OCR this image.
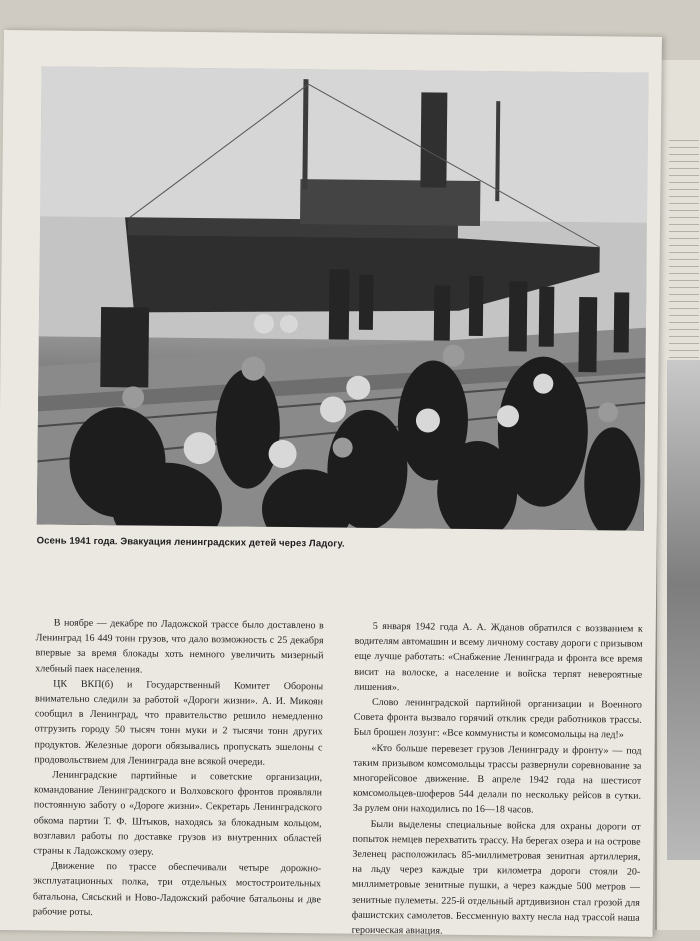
Осень 1941 года. Эвакуация ленинградских детей через Ладогу.

В ноябре — декабре по Ладожской трассе было доставлено в Ленинград 16 449 тонн грузов, что дало возможность с 25 декабря впервые за время блокады хоть немного увеличить мизерный хлебный паек населения.

ЦК ВКП(б) и Государственный Комитет Обороны внимательно следили за работой «Дороги жизни». А. И. Микоян сообщил в Ленинград, что правительство решило немедленно отгрузить городу 50 тысяч тонн муки и 2 тысячи тонн других продуктов. Железные дороги обязывались пропускать эшелоны с продовольствием для Ленинграда вне всякой очереди.

Ленинградские партийные и советские организации, командование Ленинградского и Волховского фронтов проявляли постоянную заботу о «Дороге жизни». Секретарь Ленинградского обкома партии Т. Ф. Штыков, находясь за блокадным кольцом, возглавил работы по доставке грузов из внутренних областей страны к Ладожскому озеру.

Движение по трассе обеспечивали четыре дорожно-эксплуатационных полка, три отдельных мостостроительных батальона, Сясьский и Ново-Ладожский рабочие батальоны и две рабочие роты.

5 января 1942 года А. А. Жданов обратился с воззванием к водителям автомашин и всему личному составу дороги с призывом еще лучше работать: «Снабжение Ленинграда и фронта все время висит на волоске, а население и войска терпят невероятные лишения».

Слово ленинградской партийной организации и Военного Совета фронта вызвало горячий отклик среди работников трассы. Был брошен лозунг: «Все коммунисты и комсомольцы на лед!»

«Кто больше перевезет грузов Ленинграду и фронту» — под таким призывом комсомольцы трассы развернули соревнование за многорейсовое движение. В апреле 1942 года на шестисот комсомольцев-шоферов 544 делали по нескольку рейсов в сутки. За рулем они находились по 16—18 часов.

Были выделены специальные войска для охраны дороги от попыток немцев перехватить трассу. На берегах озера и на острове Зеленец расположилась 85-миллиметровая зенитная артиллерия, на льду через каждые три километра дороги стояли 20-миллиметровые зенитные пушки, а через каждые 500 метров — зенитные пулеметы. 225-й отдельный артдивизион стал грозой для фашистских самолетов. Бессменную вахту несла над трассой наша героическая авиация.
